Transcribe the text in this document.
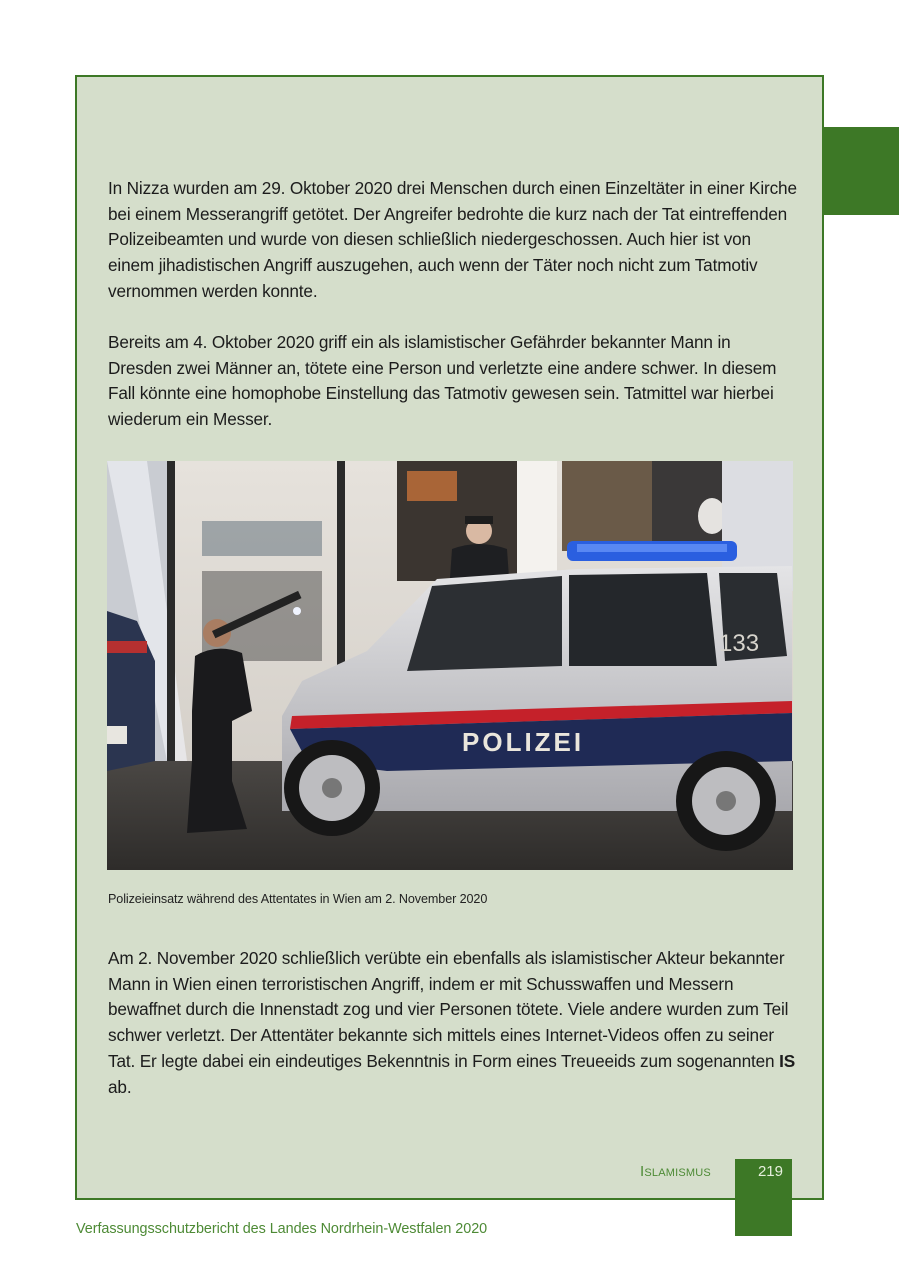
In Nizza wurden am 29. Oktober 2020 drei Menschen durch einen Einzeltäter in einer Kirche bei einem Messerangriff getötet. Der Angreifer bedrohte die kurz nach der Tat eintreffenden Polizeibeamten und wurde von diesen schließlich niedergeschossen. Auch hier ist von einem jihadistischen Angriff auszugehen, auch wenn der Täter noch nicht zum Tatmotiv vernommen werden konnte.

Bereits am 4. Oktober 2020 griff ein als islamistischer Gefährder bekannter Mann in Dresden zwei Männer an, tötete eine Person und verletzte eine andere schwer. In diesem Fall könnte eine homophobe Einstellung das Tatmotiv gewesen sein. Tatmittel war hierbei wiederum ein Messer.

133
POLIZEI
Polizeieinsatz während des Attentates in Wien am 2. November 2020

Am 2. November 2020 schließlich verübte ein ebenfalls als islamistischer Akteur bekannter Mann in Wien einen terroristischen Angriff, indem er mit Schusswaffen und Messern bewaffnet durch die Innenstadt zog und vier Personen tötete. Viele andere wurden zum Teil schwer verletzt. Der Attentäter bekannte sich mittels eines Internet-Videos offen zu seiner Tat. Er legte dabei ein eindeutiges Bekenntnis in Form eines Treueeids zum sogenannten IS ab.

Islamismus	219
Verfassungsschutzbericht des Landes Nordrhein-Westfalen 2020
